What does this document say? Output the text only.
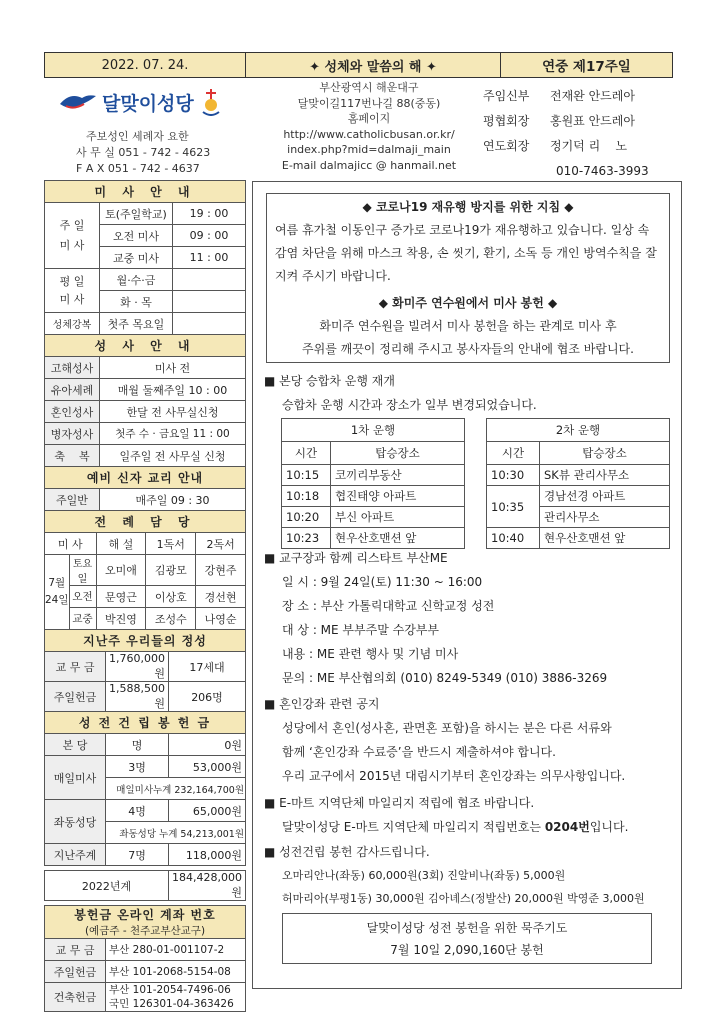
2022. 07. 24.	✦ 성체와 말씀의 해 ✦	연중 제17주일
달맞이성당
주보성인 세례자 요한
사 무 실 051 - 742 - 4623
F A X 051 - 742 - 4637
부산광역시 해운대구
달맞이길117번나길 88(중동)
홈페이지
http://www.catholicbusan.or.kr/
index.php?mid=dalmaji_main
E-mail dalmajicc @ hanmail.net
주임신부	전재완 안드레아
평협회장	홍원표 안드레아
연도회장	정기덕 리    노
010-7463-3993
미 사 안 내		
주 일
미 사	토(주일학교)	19 : 00
	오전 미사	09 : 00
	교중 미사	11 : 00
평 일
미 사	월·수·금	
	화 · 목	
성체강복	첫주 목요일	
성 사 안 내		
고해성사	미사 전	
유아세례	매월 둘째주일 10 : 00	
혼인성사	한달 전 사무실신청	
병자성사	첫주 수 · 금요일 11 : 00	
축    복	일주일 전 사무실 신청	
예비 신자 교리 안내		
주일반	매주일 09 : 30	
전 례 담 당				
미 사		해 설	1독서	2독서
7월
24일	토요일	오미애	김광모	강현주
	오전	문영근	이상호	경선현
	교중	박진영	조성수	나영순
지난주 우리들의 정성		
교 무 금	1,760,000원	17세대
주일헌금	1,588,500원	206명
성 전 건 립 봉 헌 금		
본 당	명	0원
매일미사	3명	53,000원
	매일미사누계 232,164,700원	
좌동성당	4명	65,000원
	좌동성당 누계 54,213,001원	
지난주계	7명	118,000원

2022년계		184,428,000원

봉헌금 온라인 계좌 번호		
(예금주 - 천주교부산교구)		
교 무 금	부산 280-01-001107-2	
주일헌금	부산 101-2068-5154-08	
건축헌금	부산 101-2054-7496-06
국민 126301-04-363426	
◆ 코로나19 재유행 방지를 위한 지침 ◆
여름 휴가철 이동인구 증가로 코로나19가 재유행하고 있습니다. 일상 속 감염 차단을 위해 마스크 착용, 손 씻기, 환기, 소독 등 개인 방역수칙을 잘 지켜 주시기 바랍니다.
◆ 화미주 연수원에서 미사 봉헌 ◆
화미주 연수원을 빌려서 미사 봉헌을 하는 관계로 미사 후
주위를 깨끗이 정리해 주시고 봉사자들의 안내에 협조 바랍니다.
■ 본당 승합차 운행 재개
승합차 운행 시간과 장소가 일부 변경되었습니다.
1차 운행	
시간	탑승장소
10:15	코끼리부동산
10:18	협진태양 아파트
10:20	부신 아파트
10:23	현우산호맨션 앞
2차 운행	
시간	탑승장소
10:30	SK뷰 관리사무소
10:35	경남선경 아파트
	관리사무소
10:40	현우산호맨션 앞
■ 교구장과 함께 리스타트 부산ME
일 시 : 9월 24일(토) 11:30 ~ 16:00
장 소 : 부산 가톨릭대학교 신학교정 성전
대 상 : ME 부부주말 수강부부
내용 : ME 관련 행사 및 기념 미사
문의 : ME 부산협의회 (010) 8249-5349 (010) 3886-3269
■ 혼인강좌 관련 공지
성당에서 혼인(성사혼, 관면혼 포함)을 하시는 분은 다른 서류와
함께 ‘혼인강좌 수료증’을 반드시 제출하셔야 합니다.
우리 교구에서 2015년 대림시기부터 혼인강좌는 의무사항입니다.
■ E-마트 지역단체 마일리지 적립에 협조 바랍니다.
달맞이성당 E-마트 지역단체 마일리지 적립번호는 0204번입니다.
■ 성전건립 봉헌 감사드립니다.
오마리안나(좌동) 60,000원(3회) 진알비나(좌동) 5,000원
허마리아(부평1동) 30,000원 김아녜스(정발산) 20,000원 박영준 3,000원
달맞이성당 성전 봉헌을 위한 묵주기도
7월 10일 2,090,160단 봉헌
